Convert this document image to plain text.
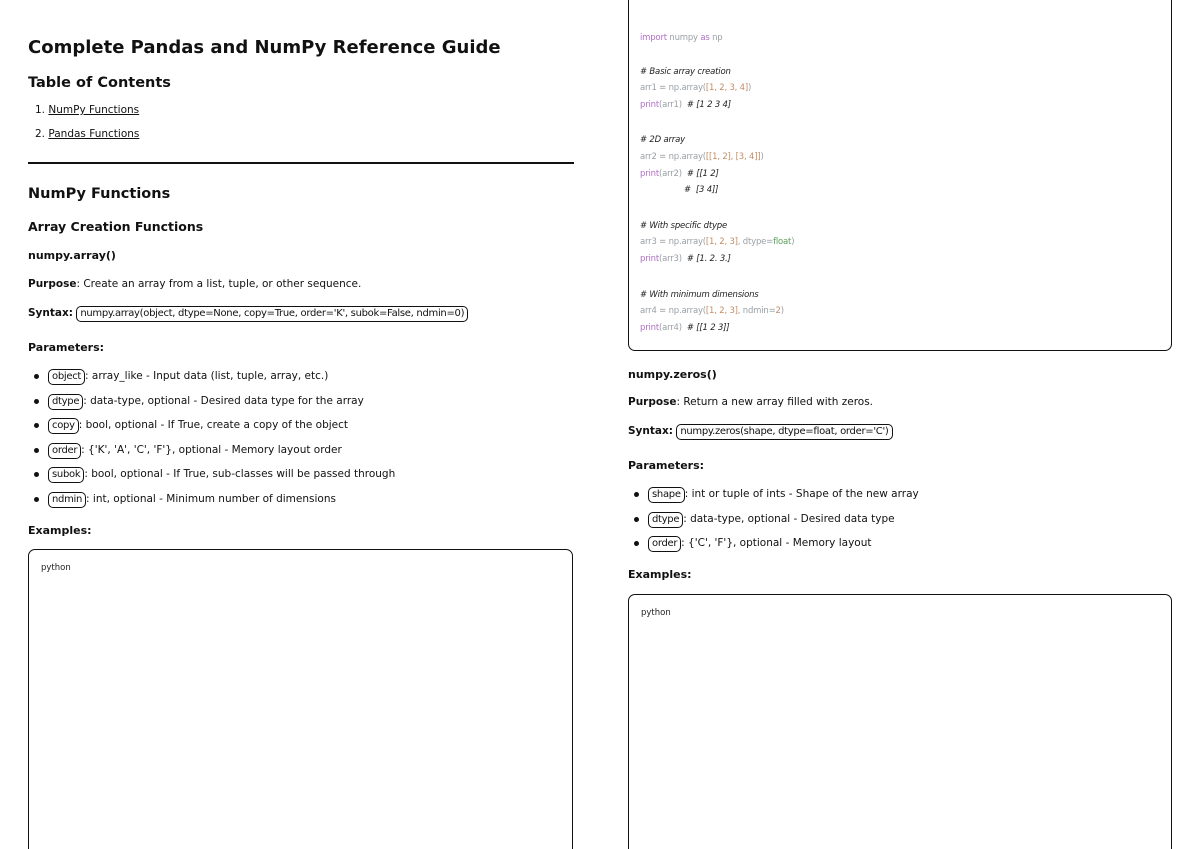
Complete Pandas and NumPy Reference Guide
Table of Contents
1. NumPy Functions
2. Pandas Functions
NumPy Functions
Array Creation Functions
numpy.array()
Purpose: Create an array from a list, tuple, or other sequence.
Syntax: numpy.array(object, dtype=None, copy=True, order='K', subok=False, ndmin=0)
Parameters:
object : array_like - Input data (list, tuple, array, etc.)
dtype : data-type, optional - Desired data type for the array
copy : bool, optional - If True, create a copy of the object
order : {'K', 'A', 'C', 'F'}, optional - Memory layout order
subok : bool, optional - If True, sub-classes will be passed through
ndmin : int, optional - Minimum number of dimensions
Examples:
python

import numpy as np

# Basic array creation

arr1 = np.array([1, 2, 3, 4])

print(arr1)  # [1 2 3 4]

# 2D array

arr2 = np.array([[1, 2], [3, 4]])

print(arr2)  # [[1 2]

#  [3 4]]

# With specific dtype

arr3 = np.array([1, 2, 3], dtype=float)

print(arr3)  # [1. 2. 3.]

# With minimum dimensions

arr4 = np.array([1, 2, 3], ndmin=2)

print(arr4)  # [[1 2 3]]

numpy.zeros()
Purpose: Return a new array filled with zeros.
Syntax: numpy.zeros(shape, dtype=float, order='C')
Parameters:
shape : int or tuple of ints - Shape of the new array
dtype : data-type, optional - Desired data type
order : {'C', 'F'}, optional - Memory layout
Examples:
python
